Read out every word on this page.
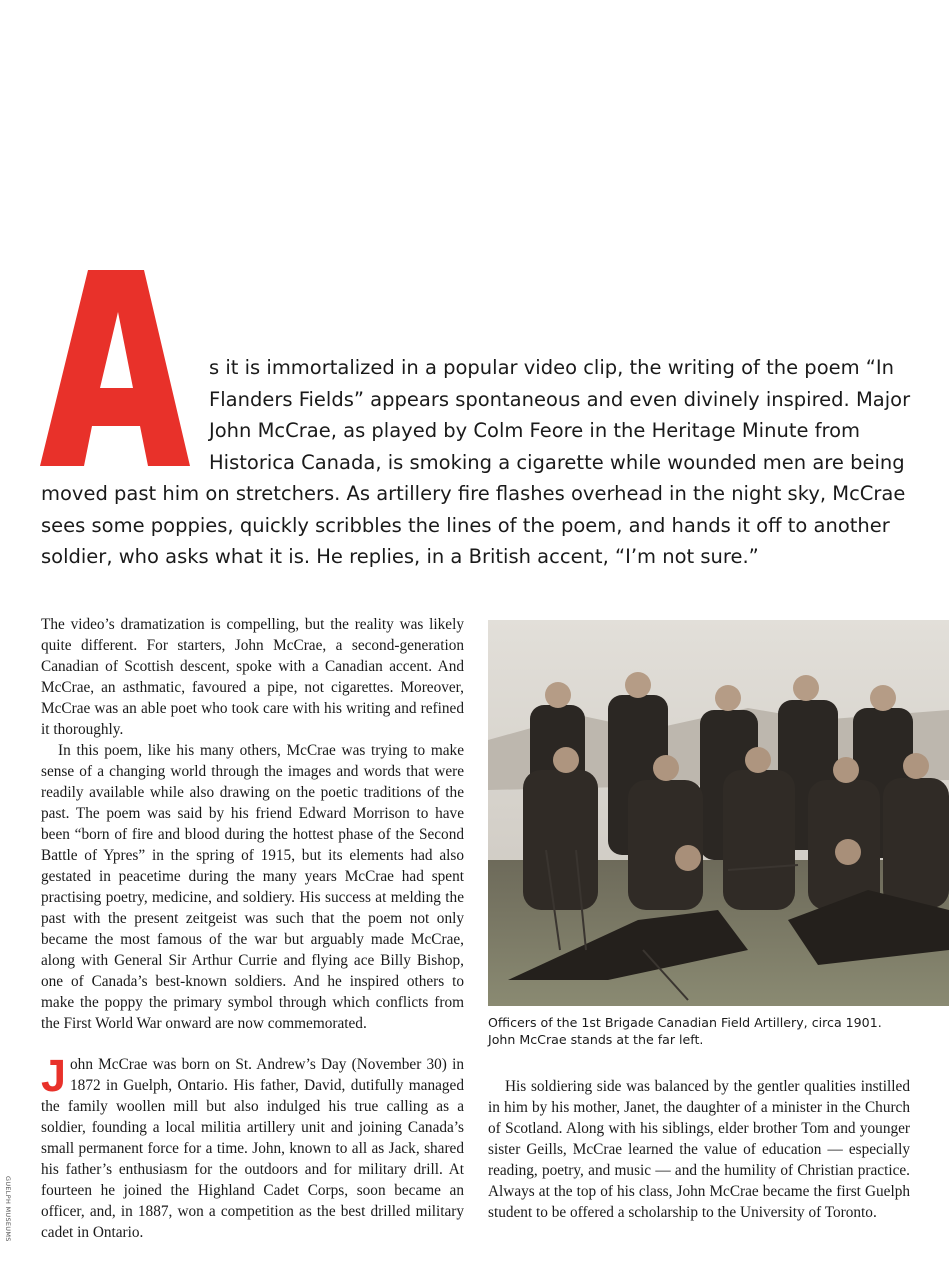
s it is immortalized in a popular video clip, the writing of the poem “In
Flanders Fields” appears spontaneous and even divinely inspired. Major
John McCrae, as played by Colm Feore in the Heritage Minute from
Historica Canada, is smoking a cigarette while wounded men are being

moved past him on stretchers. As artillery fire flashes overhead in the night sky, McCrae
sees some poppies, quickly scribbles the lines of the poem, and hands it off to another
soldier, who asks what it is. He replies, in a British accent, “I’m not sure.”

The video’s dramatization is compelling, but the reality was likely quite different. For starters, John McCrae, a second-generation Canadian of Scottish descent, spoke with a Canadian accent. And McCrae, an asthmatic, favoured a pipe, not cigarettes. Moreover, McCrae was an able poet who took care with his writing and refined it thoroughly.

In this poem, like his many others, McCrae was trying to make sense of a changing world through the images and words that were readily available while also drawing on the poetic traditions of the past. The poem was said by his friend Edward Morrison to have been “born of fire and blood during the hottest phase of the Second Battle of Ypres” in the spring of 1915, but its elements had also gestated in peacetime during the many years McCrae had spent practising poetry, medicine, and soldiery. His success at melding the past with the present zeitgeist was such that the poem not only became the most famous of the war but arguably made McCrae, along with General Sir Arthur Currie and flying ace Billy Bishop, one of Canada’s best-known soldiers. And he inspired others to make the poppy the primary symbol through which conflicts from the First World War onward are now commemorated.

John McCrae was born on St. Andrew’s Day (November 30) in 1872 in Guelph, Ontario. His father, David, dutifully managed the family woollen mill but also indulged his true calling as a soldier, founding a local militia artillery unit and joining Canada’s small permanent force for a time. John, known to all as Jack, shared his father’s enthusiasm for the outdoors and for military drill. At fourteen he joined the Highland Cadet Corps, soon became an officer, and, in 1887, won a competition as the best drilled military cadet in Ontario.

Officers of the 1st Brigade Canadian Field Artillery, circa 1901.
John McCrae stands at the far left.

His soldiering side was balanced by the gentler qualities instilled in him by his mother, Janet, the daughter of a minister in the Church of Scotland. Along with his siblings, elder brother Tom and younger sister Geills, McCrae learned the value of education — especially reading, poetry, and music — and the humility of Christian practice. Always at the top of his class, John McCrae became the first Guelph student to be offered a scholarship to the University of Toronto.

GUELPH MUSEUMS
